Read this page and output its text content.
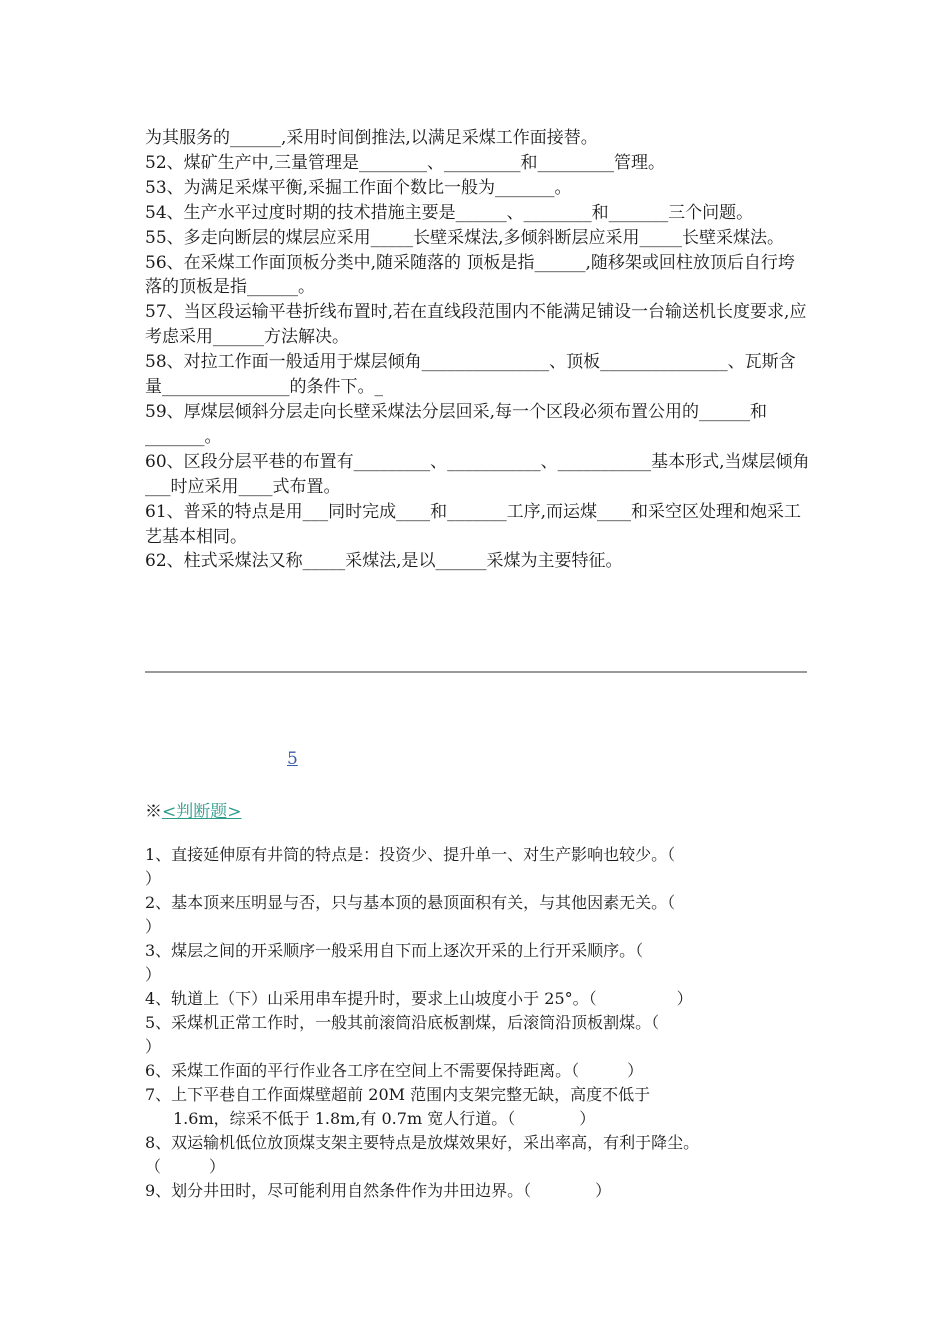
为其服务的______,采用时间倒推法,以满足采煤工作面接替。

52、煤矿生产中,三量管理是________、_________和_________管理。

53、为满足采煤平衡,采掘工作面个数比一般为_______。

54、生产水平过度时期的技术措施主要是______、________和_______三个问题。

55、多走向断层的煤层应采用_____长壁采煤法,多倾斜断层应采用_____长壁采煤法。

56、在采煤工作面顶板分类中,随采随落的 顶板是指______,随移架或回柱放顶后自行垮落的顶板是指______。

57、当区段运输平巷折线布置时,若在直线段范围内不能满足铺设一台输送机长度要求,应考虑采用______方法解决。

58、对拉工作面一般适用于煤层倾角_______________、顶板_______________、瓦斯含量_______________的条件下。_

59、厚煤层倾斜分层走向长壁采煤法分层回采,每一个区段必须布置公用的______和_______。

60、区段分层平巷的布置有_________、___________、___________基本形式,当煤层倾角___时应采用____式布置。

61、普采的特点是用___同时完成____和_______工序,而运煤____和采空区处理和炮采工艺基本相同。

62、柱式采煤法又称_____采煤法,是以______采煤为主要特征。

5
※<判断题>

1、直接延伸原有井筒的特点是：投资少、提升单一、对生产影响也较少。（
）

2、基本顶来压明显与否，只与基本顶的悬顶面积有关，与其他因素无关。（
）

3、煤层之间的开采顺序一般采用自下而上逐次开采的上行开采顺序。（
）

4、轨道上（下）山采用串车提升时，要求上山坡度小于 25°。（　　　　　）

5、采煤机正常工作时，一般其前滚筒沿底板割煤，后滚筒沿顶板割煤。（
）

6、采煤工作面的平行作业各工序在空间上不需要保持距离。（　　　）

7、上下平巷自工作面煤壁超前 20M 范围内支架完整无缺，高度不低于
1.6m，综采不低于 1.8m,有 0.7m 宽人行道。（　　　　）

8、双运输机低位放顶煤支架主要特点是放煤效果好，采出率高，有利于降尘。
（　　　）

9、划分井田时，尽可能利用自然条件作为井田边界。（　　　　）
